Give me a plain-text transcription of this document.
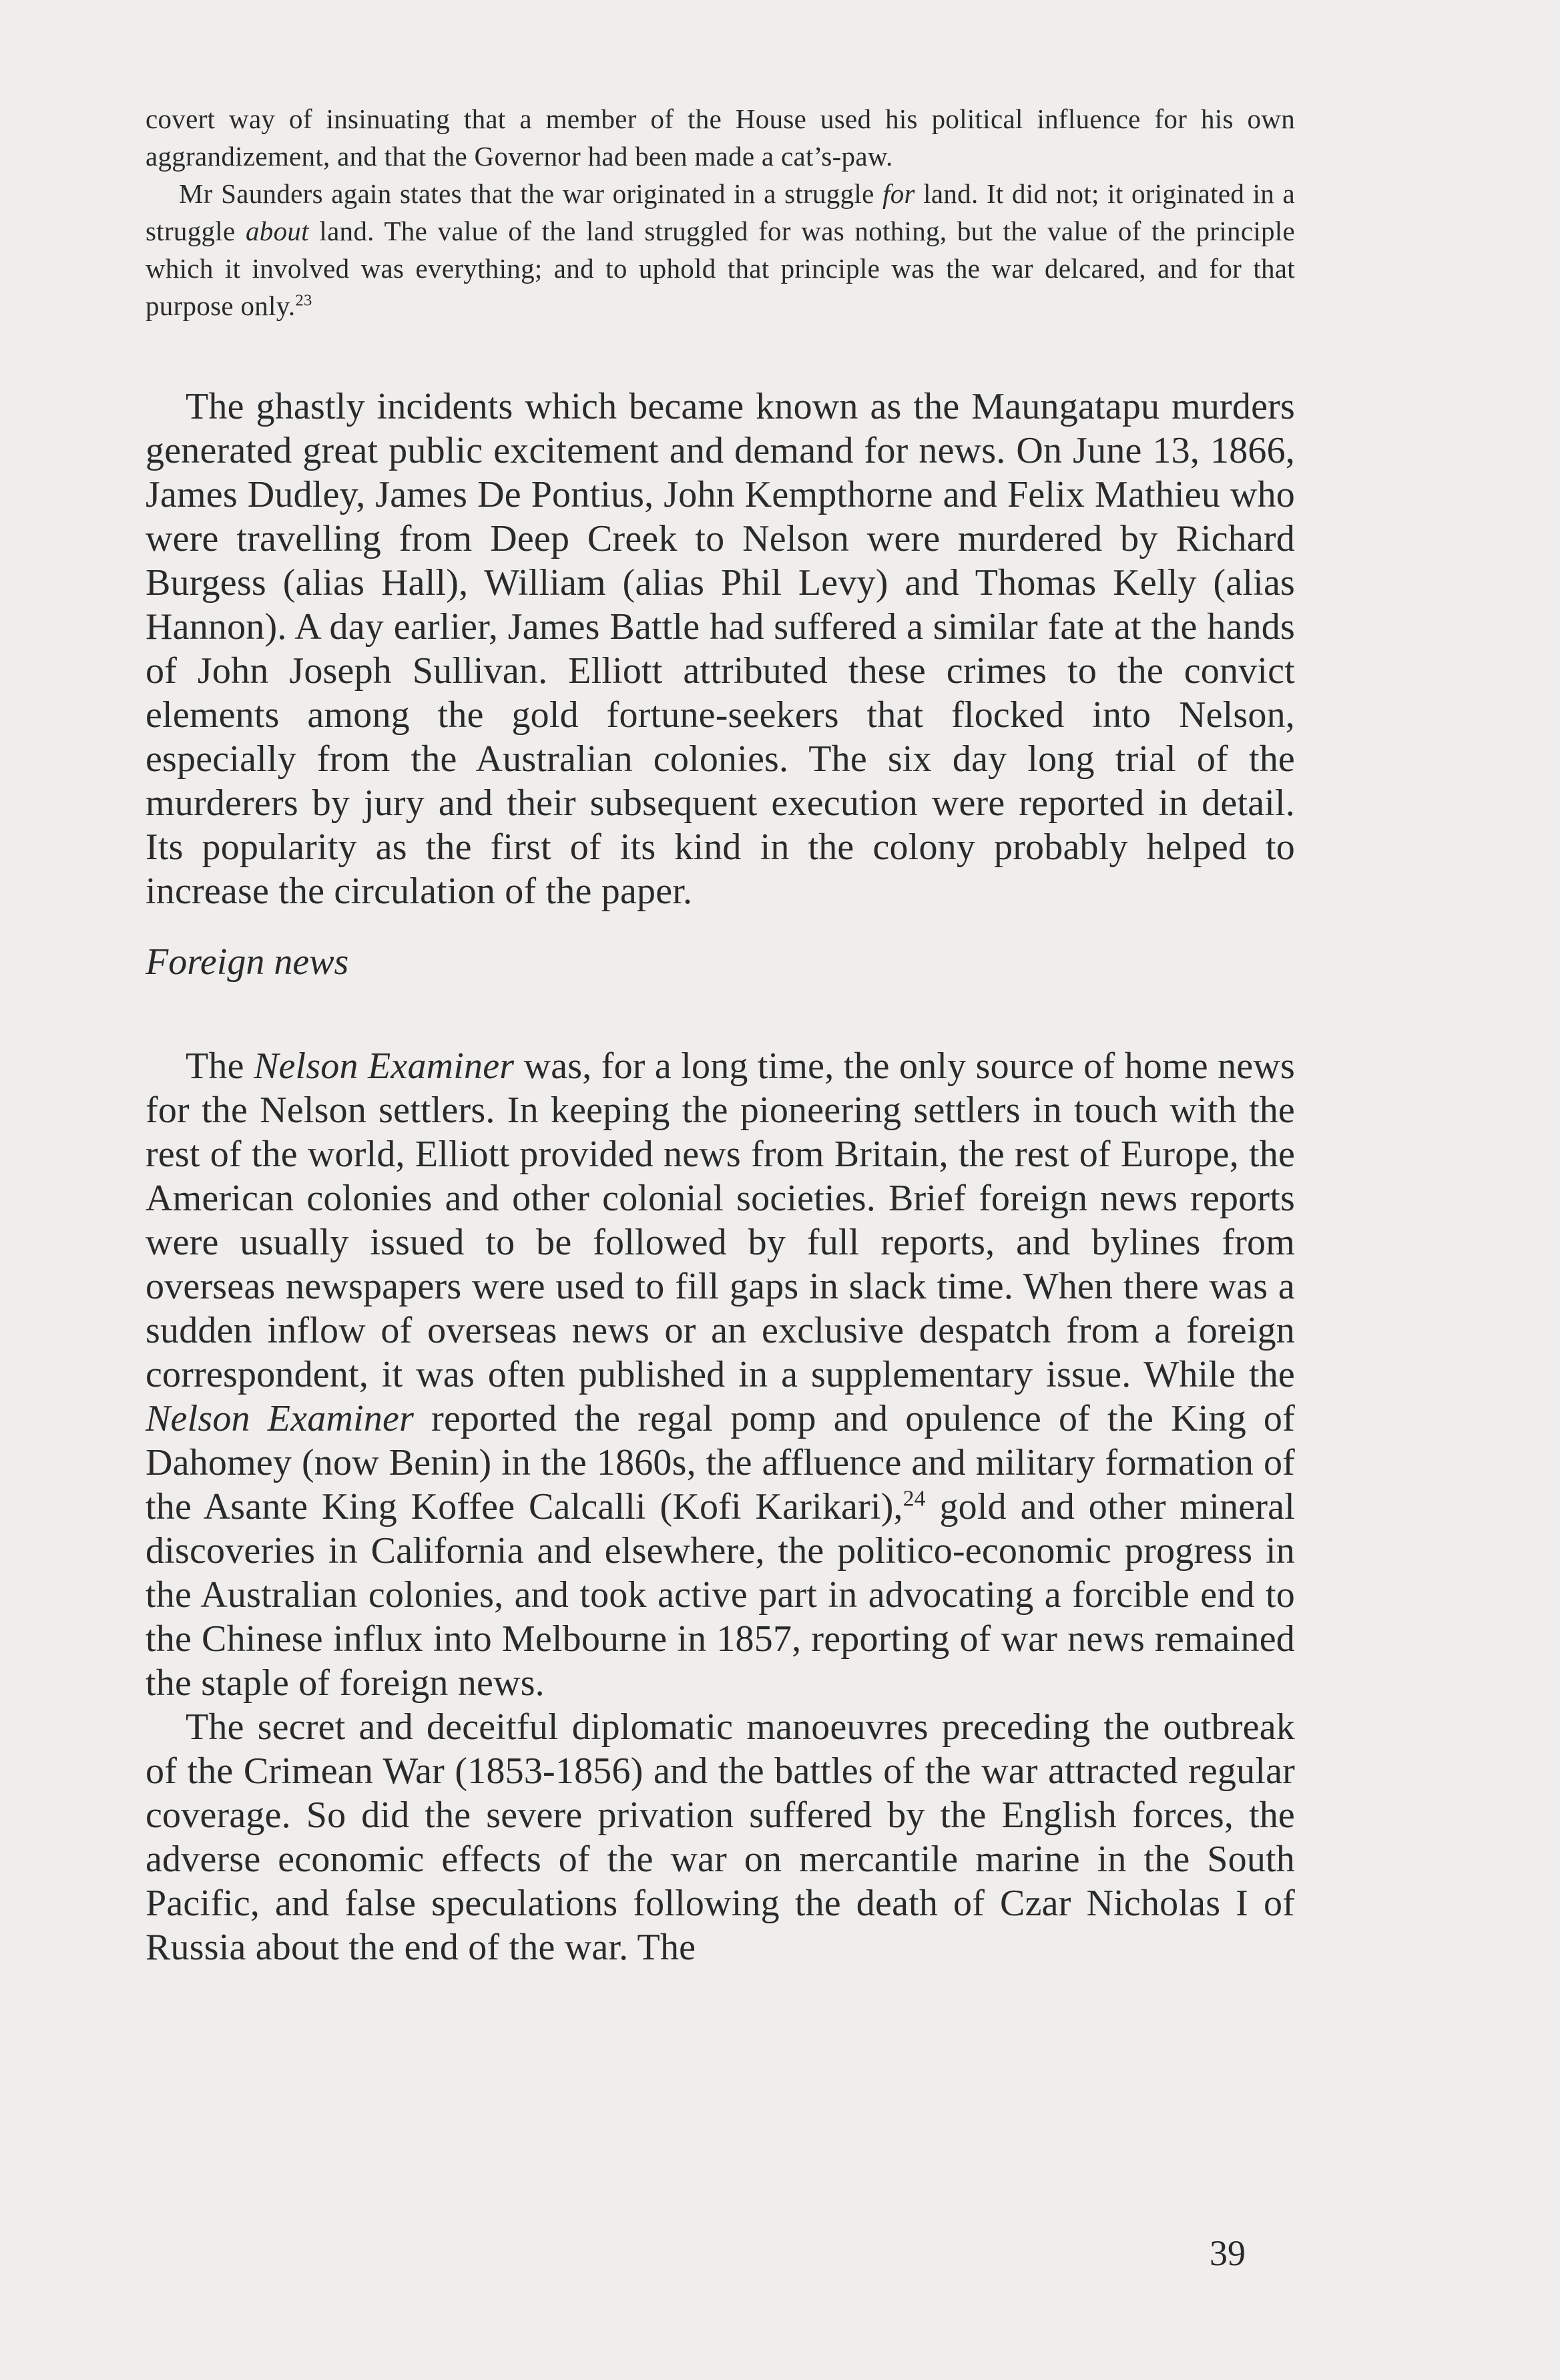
covert way of insinuating that a member of the House used his political influence for his own aggrandizement, and that the Governor had been made a cat’s-paw.

Mr Saunders again states that the war originated in a struggle for land. It did not; it originated in a struggle about land. The value of the land struggled for was nothing, but the value of the principle which it involved was everything; and to uphold that principle was the war delcared, and for that purpose only.$^{23}$

The ghastly incidents which became known as the Maungatapu murders generated great public excitement and demand for news. On June 13, 1866, James Dudley, James De Pontius, John Kempthorne and Felix Mathieu who were travelling from Deep Creek to Nelson were murdered by Richard Burgess (alias Hall), William (alias Phil Levy) and Thomas Kelly (alias Hannon). A day earlier, James Battle had suffered a similar fate at the hands of John Joseph Sullivan. Elliott attributed these crimes to the convict elements among the gold fortune-seekers that flocked into Nelson, especially from the Australian colonies. The six day long trial of the murderers by jury and their subsequent execution were reported in detail. Its popularity as the first of its kind in the colony probably helped to increase the circulation of the paper.

Foreign news

The Nelson Examiner was, for a long time, the only source of home news for the Nelson settlers. In keeping the pioneering settlers in touch with the rest of the world, Elliott provided news from Britain, the rest of Europe, the American colonies and other colonial societies. Brief foreign news reports were usually issued to be followed by full reports, and bylines from overseas newspapers were used to fill gaps in slack time. When there was a sudden inflow of overseas news or an exclusive despatch from a foreign correspondent, it was often published in a supplementary issue. While the Nelson Examiner reported the regal pomp and opulence of the King of Dahomey (now Benin) in the 1860s, the affluence and military formation of the Asante King Koffee Calcalli (Kofi Karikari),$^{24}$ gold and other mineral discoveries in California and elsewhere, the politico-economic progress in the Australian colonies, and took active part in advocating a forcible end to the Chinese influx into Melbourne in 1857, reporting of war news remained the staple of foreign news.

The secret and deceitful diplomatic manoeuvres preceding the outbreak of the Crimean War (1853-1856) and the battles of the war attracted regular coverage. So did the severe privation suffered by the English forces, the adverse economic effects of the war on mercantile marine in the South Pacific, and false speculations following the death of Czar Nicholas I of Russia about the end of the war. The

39
